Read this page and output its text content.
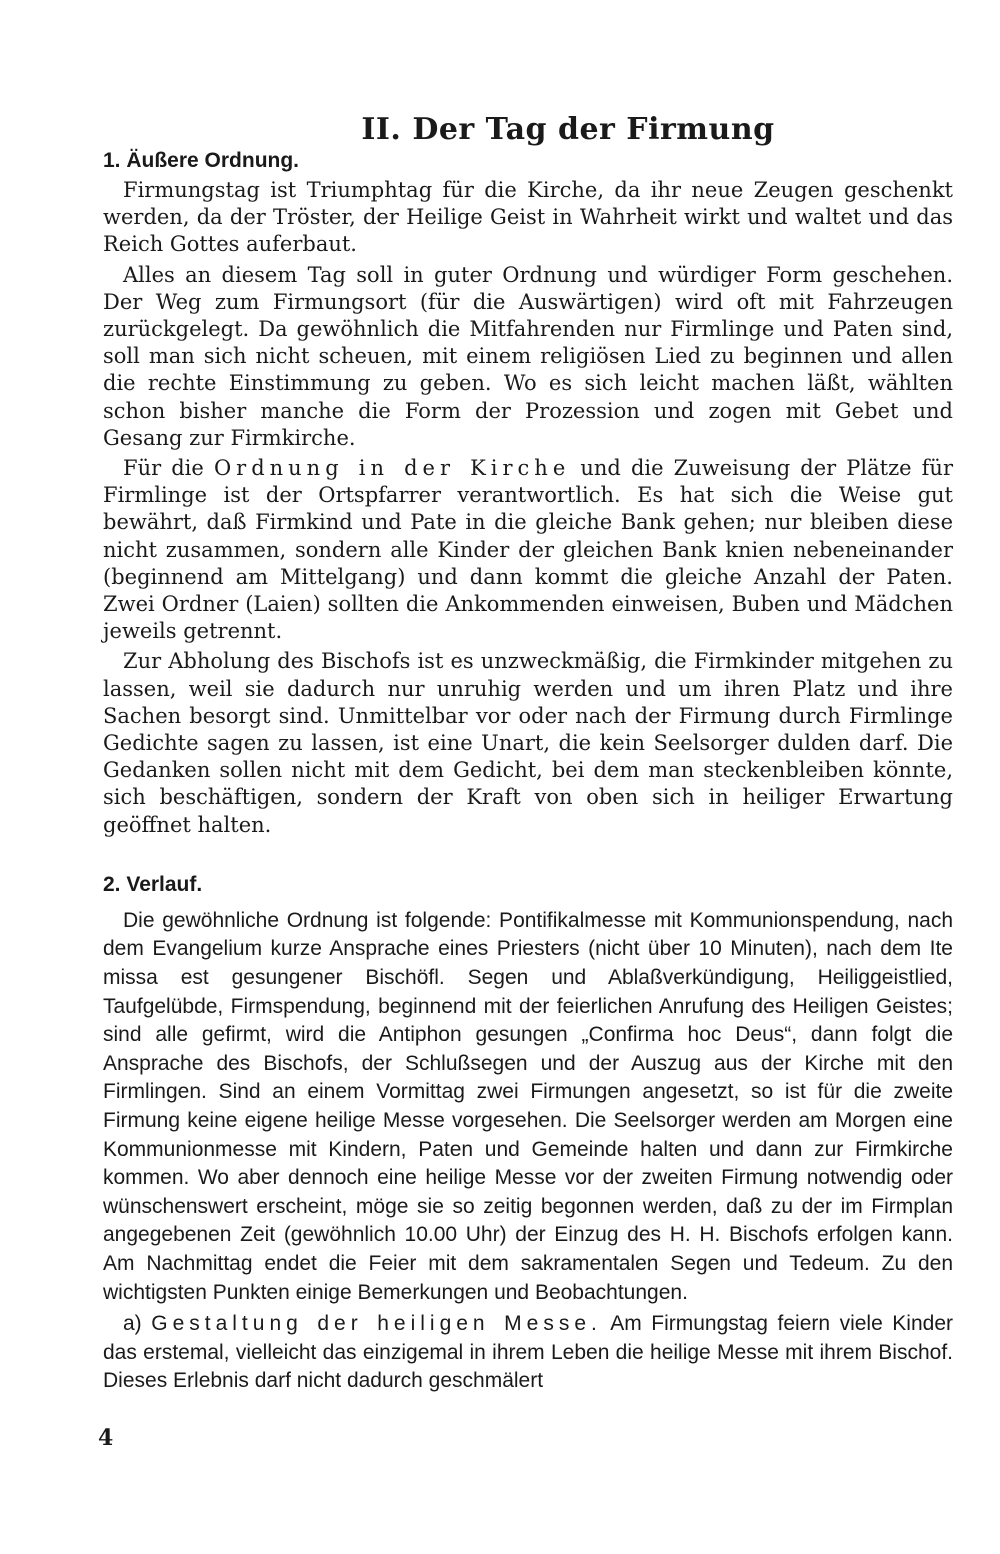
II. Der Tag der Firmung
1. Äußere Ordnung.

Firmungstag ist Triumphtag für die Kirche, da ihr neue Zeugen geschenkt werden, da der Tröster, der Heilige Geist in Wahrheit wirkt und waltet und das Reich Gottes auferbaut.

Alles an diesem Tag soll in guter Ordnung und würdiger Form geschehen. Der Weg zum Firmungsort (für die Auswärtigen) wird oft mit Fahrzeugen zurückgelegt. Da gewöhnlich die Mitfahrenden nur Firmlinge und Paten sind, soll man sich nicht scheuen, mit einem religiösen Lied zu beginnen und allen die rechte Einstimmung zu geben. Wo es sich leicht machen läßt, wählten schon bisher manche die Form der Prozession und zogen mit Gebet und Gesang zur Firmkirche.

Für die Ordnung in der Kirche und die Zuweisung der Plätze für Firmlinge ist der Ortspfarrer verantwortlich. Es hat sich die Weise gut bewährt, daß Firmkind und Pate in die gleiche Bank gehen; nur bleiben diese nicht zusammen, sondern alle Kinder der gleichen Bank knien nebeneinander (beginnend am Mittelgang) und dann kommt die gleiche Anzahl der Paten. Zwei Ordner (Laien) sollten die Ankommenden einweisen, Buben und Mädchen jeweils getrennt.

Zur Abholung des Bischofs ist es unzweckmäßig, die Firmkinder mitgehen zu lassen, weil sie dadurch nur unruhig werden und um ihren Platz und ihre Sachen besorgt sind. Unmittelbar vor oder nach der Firmung durch Firmlinge Gedichte sagen zu lassen, ist eine Unart, die kein Seelsorger dulden darf. Die Gedanken sollen nicht mit dem Gedicht, bei dem man steckenbleiben könnte, sich beschäftigen, sondern der Kraft von oben sich in heiliger Erwartung geöffnet halten.

2. Verlauf.

Die gewöhnliche Ordnung ist folgende: Pontifikalmesse mit Kommunionspendung, nach dem Evangelium kurze Ansprache eines Priesters (nicht über 10 Minuten), nach dem Ite missa est gesungener Bischöfl. Segen und Ablaßverkündigung, Heiliggeistlied, Taufgelübde, Firmspendung, beginnend mit der feierlichen Anrufung des Heiligen Geistes; sind alle gefirmt, wird die Antiphon gesungen „Confirma hoc Deus“, dann folgt die Ansprache des Bischofs, der Schlußsegen und der Auszug aus der Kirche mit den Firmlingen. Sind an einem Vormittag zwei Firmungen angesetzt, so ist für die zweite Firmung keine eigene heilige Messe vorgesehen. Die Seelsorger werden am Morgen eine Kommunionmesse mit Kindern, Paten und Gemeinde halten und dann zur Firmkirche kommen. Wo aber dennoch eine heilige Messe vor der zweiten Firmung notwendig oder wünschenswert erscheint, möge sie so zeitig begonnen werden, daß zu der im Firmplan angegebenen Zeit (gewöhnlich 10.00 Uhr) der Einzug des H. H. Bischofs erfolgen kann. Am Nachmittag endet die Feier mit dem sakramentalen Segen und Tedeum. Zu den wichtigsten Punkten einige Bemerkungen und Beobachtungen.

a) Gestaltung der heiligen Messe. Am Firmungstag feiern viele Kinder das erstemal, vielleicht das einzigemal in ihrem Leben die heilige Messe mit ihrem Bischof. Dieses Erlebnis darf nicht dadurch geschmälert

4
